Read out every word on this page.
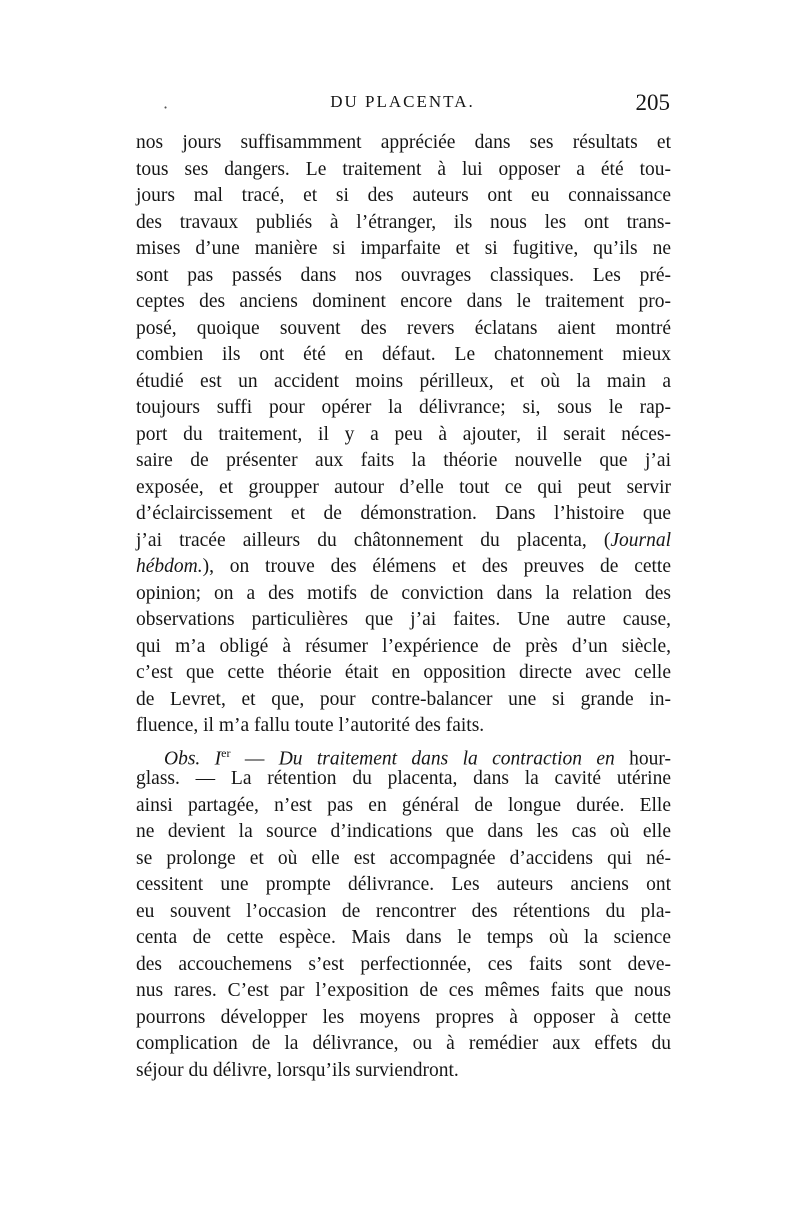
·	DU PLACENTA.	205
nos jours suffisammment appréciée dans ses résultats et
tous ses dangers. Le traitement à lui opposer a été tou-
jours mal tracé, et si des auteurs ont eu connaissance
des travaux publiés à l’étranger, ils nous les ont trans-
mises d’une manière si imparfaite et si fugitive, qu’ils ne
sont pas passés dans nos ouvrages classiques. Les pré-
ceptes des anciens dominent encore dans le traitement pro-
posé, quoique souvent des revers éclatans aient montré
combien ils ont été en défaut. Le chatonnement mieux
étudié est un accident moins périlleux, et où la main a
toujours suffi pour opérer la délivrance; si, sous le rap-
port du traitement, il y a peu à ajouter, il serait néces-
saire de présenter aux faits la théorie nouvelle que j’ai
exposée, et groupper autour d’elle tout ce qui peut servir
d’éclaircissement et de démonstration. Dans l’histoire que
j’ai tracée ailleurs du châtonnement du placenta, (Journal
hébdom.), on trouve des élémens et des preuves de cette
opinion; on a des motifs de conviction dans la relation des
observations particulières que j’ai faites. Une autre cause,
qui m’a obligé à résumer l’expérience de près d’un siècle,
c’est que cette théorie était en opposition directe avec celle
de Levret, et que, pour contre-balancer une si grande in-
fluence, il m’a fallu toute l’autorité des faits.
Obs. Ier — Du traitement dans la contraction en hour-
glass. — La rétention du placenta, dans la cavité utérine
ainsi partagée, n’est pas en général de longue durée. Elle
ne devient la source d’indications que dans les cas où elle
se prolonge et où elle est accompagnée d’accidens qui né-
cessitent une prompte délivrance. Les auteurs anciens ont
eu souvent l’occasion de rencontrer des rétentions du pla-
centa de cette espèce. Mais dans le temps où la science
des accouchemens s’est perfectionnée, ces faits sont deve-
nus rares. C’est par l’exposition de ces mêmes faits que nous
pourrons développer les moyens propres à opposer à cette
complication de la délivrance, ou à remédier aux effets du
séjour du délivre, lorsqu’ils surviendront.
